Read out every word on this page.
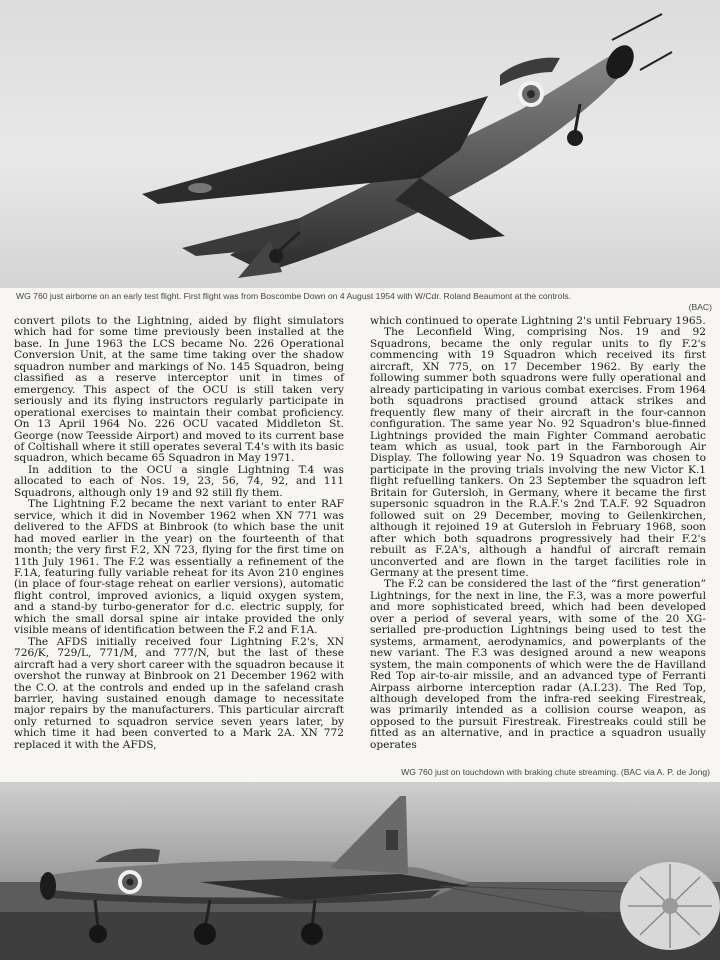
WG 760 just airborne on an early test flight. First flight was from Boscombe Down on 4 August 1954 with W/Cdr. Roland Beaumont at the controls.
(BAC)

convert pilots to the Lightning, aided by flight simulators which had for some time previously been installed at the base. In June 1963 the LCS became No. 226 Operational Conversion Unit, at the same time taking over the shadow squadron number and markings of No. 145 Squadron, being classified as a reserve interceptor unit in times of emergency. This aspect of the OCU is still taken very seriously and its flying instructors regularly participate in operational exercises to maintain their combat proficiency. On 13 April 1964 No. 226 OCU vacated Middleton St. George (now Teesside Airport) and moved to its current base of Coltishall where it still operates several T.4's with its basic squadron, which became 65 Squadron in May 1971.

In addition to the OCU a single Lightning T.4 was allocated to each of Nos. 19, 23, 56, 74, 92, and 111 Squadrons, although only 19 and 92 still fly them.

The Lightning F.2 became the next variant to enter RAF service, which it did in November 1962 when XN 771 was delivered to the AFDS at Binbrook (to which base the unit had moved earlier in the year) on the fourteenth of that month; the very first F.2, XN 723, flying for the first time on 11th July 1961. The F.2 was essentially a refinement of the F.1A, featuring fully variable reheat for its Avon 210 engines (in place of four-stage reheat on earlier versions), automatic flight control, improved avionics, a liquid oxygen system, and a stand-by turbo-generator for d.c. electric supply, for which the small dorsal spine air intake provided the only visible means of identification between the F.2 and F.1A.

The AFDS initially received four Lightning F.2's, XN 726/K, 729/L, 771/M, and 777/N, but the last of these aircraft had a very short career with the squadron because it overshot the runway at Binbrook on 21 December 1962 with the C.O. at the controls and ended up in the safeland crash barrier, having sustained enough damage to necessitate major repairs by the manufacturers. This particular aircraft only returned to squadron service seven years later, by which time it had been converted to a Mark 2A. XN 772 replaced it with the AFDS,

which continued to operate Lightning 2's until February 1965.

The Leconfield Wing, comprising Nos. 19 and 92 Squadrons, became the only regular units to fly F.2's commencing with 19 Squadron which received its first aircraft, XN 775, on 17 December 1962. By early the following summer both squadrons were fully operational and already participating in various combat exercises. From 1964 both squadrons practised ground attack strikes and frequently flew many of their aircraft in the four-cannon configuration. The same year No. 92 Squadron's blue-finned Lightnings provided the main Fighter Command aerobatic team which as usual, took part in the Farnborough Air Display. The following year No. 19 Squadron was chosen to participate in the proving trials involving the new Victor K.1 flight refuelling tankers. On 23 September the squadron left Britain for Gutersloh, in Germany, where it became the first supersonic squadron in the R.A.F.'s 2nd T.A.F. 92 Squadron followed suit on 29 December, moving to Geilenkirchen, although it rejoined 19 at Gutersloh in February 1968, soon after which both squadrons progressively had their F.2's rebuilt as F.2A's, although a handful of aircraft remain unconverted and are flown in the target facilities role in Germany at the present time.

The F.2 can be considered the last of the “first generation” Lightnings, for the next in line, the F.3, was a more powerful and more sophisticated breed, which had been developed over a period of several years, with some of the 20 XG-serialled pre-production Lightnings being used to test the systems, armament, aerodynamics, and powerplants of the new variant. The F.3 was designed around a new weapons system, the main components of which were the de Havilland Red Top air-to-air missile, and an advanced type of Ferranti Airpass airborne interception radar (A.I.23). The Red Top, although developed from the infra-red seeking Firestreak, was primarily intended as a collision course weapon, as opposed to the pursuit Firestreak. Firestreaks could still be fitted as an alternative, and in practice a squadron usually operates

WG 760 just on touchdown with braking chute streaming. (BAC via A. P. de Jong)
